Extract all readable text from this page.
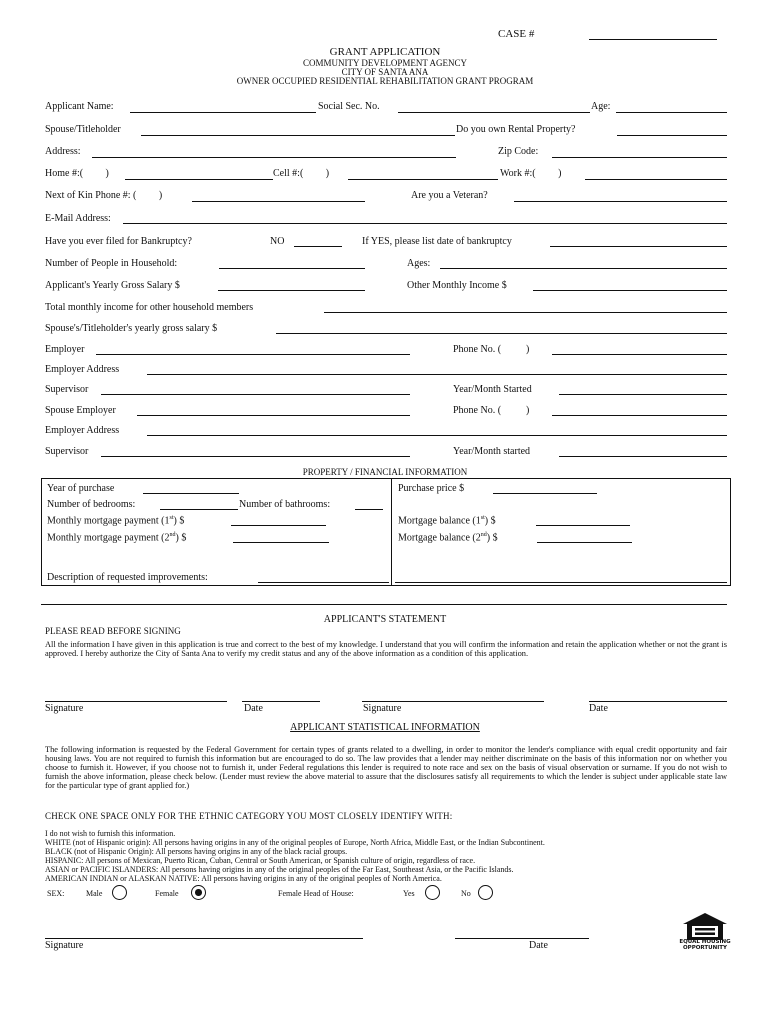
CASE #
GRANT APPLICATION
COMMUNITY DEVELOPMENT AGENCY
CITY OF SANTA ANA
OWNER OCCUPIED RESIDENTIAL REHABILITATION GRANT PROGRAM
Applicant Name:	Social Sec. No.	Age:
Spouse/Titleholder	Do you own Rental Property?
Address:	Zip Code:
Home #:(         )	Cell #:(         )	Work #:(         )
Next of Kin Phone #: (         )	Are you a Veteran?
E-Mail Address:
Have you ever filed for Bankruptcy?	NO	If YES, please list date of bankruptcy
Number of People in Household:	Ages:
Applicant's Yearly Gross Salary $	Other Monthly Income $
Total monthly income for other household members
Spouse's/Titleholder's yearly gross salary $
Employer	Phone No. (          )
Employer Address
Supervisor	Year/Month Started
Spouse Employer	Phone No. (          )
Employer Address
Supervisor	Year/Month started
PROPERTY / FINANCIAL INFORMATION
Year of purchase	Purchase price $
Number of bedrooms:	Number of bathrooms:
Monthly mortgage payment (1st) $	Mortgage balance (1st) $
Monthly mortgage payment (2nd) $	Mortgage balance (2nd) $
Description of requested improvements:
APPLICANT'S STATEMENT
PLEASE READ BEFORE SIGNING
All the information I have given in this application is true and correct to the best of my knowledge. I understand that you will confirm the information and retain the application whether or not the grant is approved. I hereby authorize the City of Santa Ana to verify my credit status and any of the above information as a condition of this application.
Signature	Date	Signature	Date
APPLICANT STATISTICAL INFORMATION
The following information is requested by the Federal Government for certain types of grants related to a dwelling, in order to monitor the lender's compliance with equal credit opportunity and fair housing laws. You are not required to furnish this information but are encouraged to do so. The law provides that a lender may neither discriminate on the basis of this information nor on whether you choose to furnish it. However, if you choose not to furnish it, under Federal regulations this lender is required to note race and sex on the basis of visual observation or surname. If you do not wish to furnish the above information, please check below. (Lender must review the above material to assure that the disclosures satisfy all requirements to which the lender is subject under applicable state law for the particular type of grant applied for.)
CHECK ONE SPACE ONLY FOR THE ETHNIC CATEGORY YOU MOST CLOSELY IDENTIFY WITH:
I do not wish to furnish this information.
WHITE (not of Hispanic origin): All persons having origins in any of the original peoples of Europe, North Africa, Middle East, or the Indian Subcontinent.
BLACK (not of Hispanic Origin): All persons having origins in any of the black racial groups.
HISPANIC: All persons of Mexican, Puerto Rican, Cuban, Central or South American, or Spanish culture of origin, regardless of race.
ASIAN or PACIFIC ISLANDERS: All persons having origins in any of the original peoples of the Far East, Southeast Asia, or the Pacific Islands.
AMERICAN INDIAN or ALASKAN NATIVE: All persons having origins in any of the original peoples of North America.
SEX:	Male	Female	Female Head of House:	Yes	No
EQUAL HOUSING
OPPORTUNITY
Signature	Date
